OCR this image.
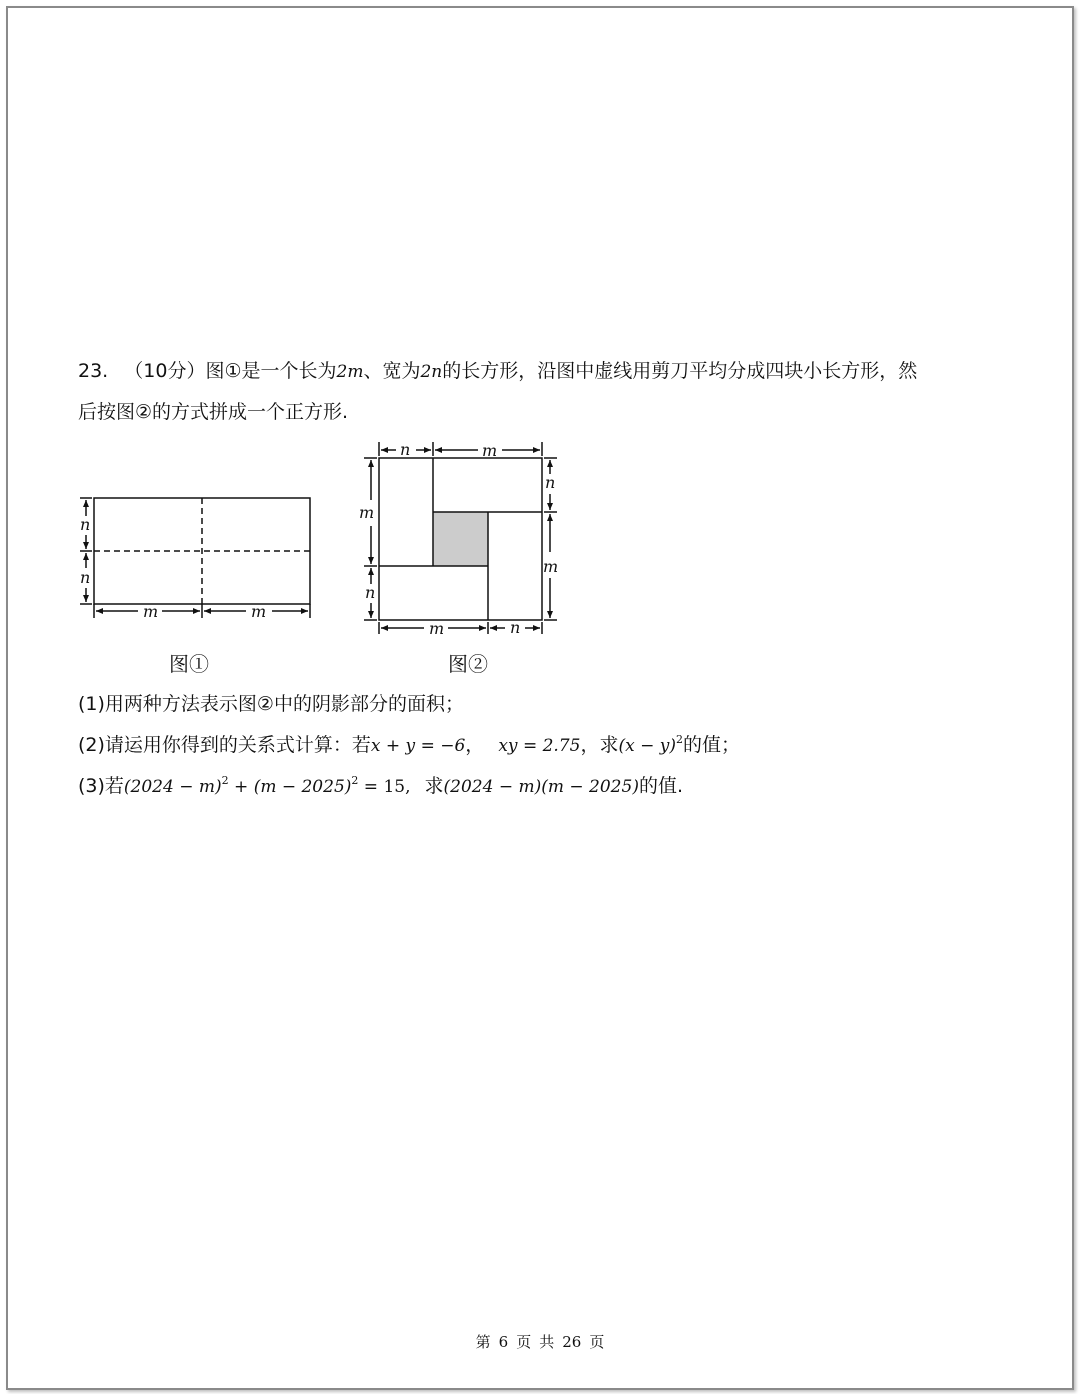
23. （10分）图①是一个长为2m、宽为2n的长方形，沿图中虚线用剪刀平均分成四块小长方形，然
后按图②的方式拼成一个正方形.
n
n
m	m
n	m
m
n
n
m
m	n
图①	图②
(1)用两种方法表示图②中的阴影部分的面积；
(2)请运用你得到的关系式计算：若x + y = −6， xy = 2.75，求$(x - y)^2$的值；
(3)若$(2024 - m)^2 + (m - 2025)^2 = 15$, 求(2024 − m)(m − 2025)的值.
第 6 页 共 26 页
